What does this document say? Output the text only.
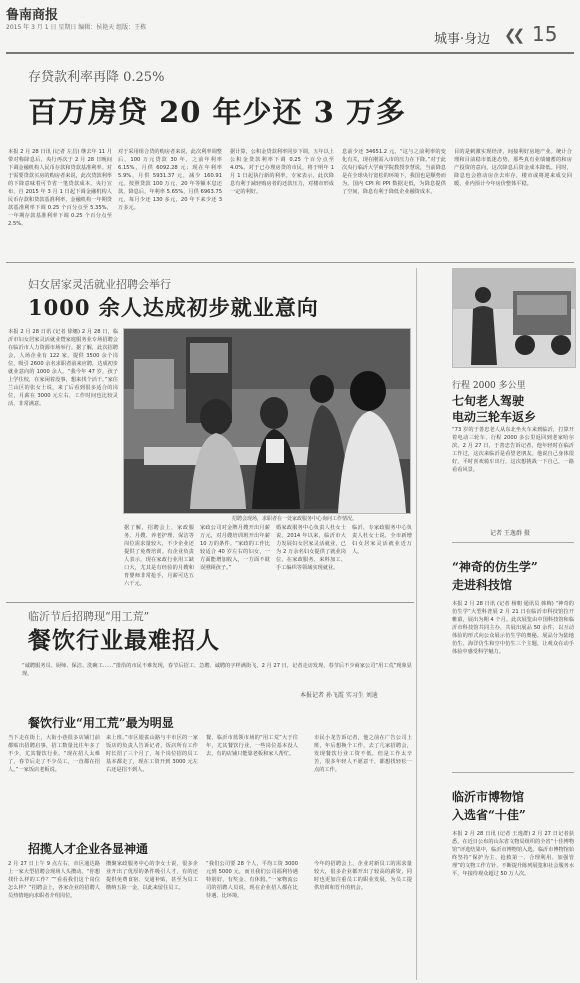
鲁南商报
2015 年 3 月 1 日 星期日 编辑：侯艳天 组版：王栋
城事·身边 ❮❮ 15
存贷款利率再降 0.25%
百万房贷 20 年少还 3 万多
本报 2 月 28 日讯 (记者 左昌) 继去年 11 月带对称降息后，央行再次于 2 月 28 日晚间下调金融机构人民币存款和贷款基准利率。对于需要贷款买房的购房者来说，此次贷款利率的下降意味着可节省一笔贷款成本。央行宣布，自 2015 年 3 月 1 日起下调金融机构人民币存款和贷款基准利率，金融机构一年期贷款基准利率下调 0.25 个百分点至 5.35%，一年期存款基准利率下调 0.25 个百分点至 2.5%。
对于采用组合贷的购房者来说，此次利率调整后，100 万元贷款 30 年，之前年利率 6.15%，月供 6092.28 元；现在年利率 5.9%，月供 5931.37 元，减少 160.91 元。按照贷款 100 万元、20 年等额本息还款，降息后，年利率 5.65%，月供 6963.75 元，每月少还 130 多元，20 年下来少还 3 万多元。
据计算，公积金贷款利率同步下调，五年以上公积金贷款利率下调 0.25 个百分点至 4.0%。对于已办理房贷的市民，将于明年 1 月 1 日起执行新的利率。专家表示，此次降息有利于减轻购房者的还款压力，对楼市形成一定的利好。
息前少还 34651.2 元。“这与之前利率的变化有关，现在刚需入市的压力在下降。”对于此次央行临沂大学商学院教授李慧说，当前降息是在全球央行宽松的环境下，我国也是顺势而为。国内 CPI 和 PPI 数据走低，为降息提供了空间，降息有利于降低企业融资成本。
目的是刺激实现经济，间接利好房地产业。统计合理和目前稳市低迷态势，那些真有业绩储蓄的和房产投资的意向，这次降息后资金成本降低。同时，降息也会推动房企去库存，楼市或将迎来成交回暖，业内预计今年房价整体平稳。
妇女居家灵活就业招聘会举行
1000 余人达成初步就业意向
本报 2 月 28 日讯 (记者 徐娜) 2 月 28 日，临沂市妇女居家灵活就业暨家庭服务业专场招聘会在临沂市人力资源市场举行。据了解，此次招聘会，人场企业有 122 家，提供 3500 余个岗位，吸引 2600 余名求职者前来应聘，达成初步就业意向的 1000 余人。“我今年 47 岁，孩子上学住校，在家闲着没事，想来找个活干。”家住兰山区的张女士说，来了后看到很多适合的岗位，月薪在 3000 元左右，工作时间也比较灵活，非常满意。
招聘会现场，求职者在一处家政服务中心询问工作情况。
据了解，招聘会上，家政服务、月嫂、养老护理、保洁等岗位需求量较大，不少企业还提供了免费培训。有企业负责人表示，现在家政行业用工缺口大，尤其是有经验的月嫂和育婴师非常抢手，月薪可达五六千元。
家政公司对金牌月嫂开出月薪万元，对月嫂培训班开出年薪 10 万的条件。“家政的工作比较适合 40 岁左右的妇女，一方面能增加收入，一方面不耽误照顾孩子。”
婚家政服务中心负责人杜女士说。2014 年以来，临沂市大力发展妇女居家灵活就业，已为 2 万余名妇女提供了就业岗位，在家政服务、来料加工、手工编织等领域实现就业。
临沂，专家政服务中心负责人杜女士说，全市新增妇女居家灵活就业近万人。
行程 2000 多公里
七旬老人驾驶
电动三轮车返乡
“73 岁的于善忠老人从东北坐火车来到临沂，打算开着电动三轮车、行程 2000 多公里返回到老家哈尔滨。2 月 27 日，于善忠告诉记者，他年轻时在临沂工作过，这次来临沂是看望老朋友。他说自己身体很好，平时喜欢骑车出行，这次想挑战一下自己，一路看看风景。
记者 王逸群 摄
“神奇的仿生学”
走进科技馆
本报 2 月 28 日讯 (记者 杨朝 通讯员 韩梅) “神奇的仿生学”大型科普展 2 月 21 日在临沂市科技馆拉开帷幕，展出为期 4 个月。此次展览由中国科技馆和临沂市科技馆共同主办，共展出展品 50 余件，以互动体验的形式向公众展示仿生学的奥秘。展品分为陆地仿生、海洋仿生和空中仿生三个主题，让观众在动手体验中感受科学魅力。
临沂市博物馆
入选省“十佳”
本报 2 月 28 日讯 (记者 王逸群) 2 月 27 日记者获悉，在近日公布的山东省文物局组织的全省“十佳博物馆”评选结果中，临沂市博物馆入选。临沂市博物馆始终坚持“保护为主、抢救第一、合理利用、加强管理”的文物工作方针，不断提升陈列展览和社会服务水平，年接待观众超过 50 万人次。
临沂节后招聘现“用工荒”
餐饮行业最难招人
“诚聘服务员、厨师、保洁、洗碗工……”排沿的市民不难发现，春节后招工、急聘、诚聘的字样满街飞，2 月 27 日，记者走访发现，春节后不少商家公司“用工荒”现象显现。
本报记者 孙飞霞 实习生 刘迪
餐饮行业“用工荒”最为明显
当下走在街上，大街小巷很多店铺门前都贴出招聘启事，招工数量比往年多了不少，尤其餐饮行业。“现在招人太难了，春节后走了不少员工，一直都在招人。”一家饭店老板说。
来上班。”市区银雀山路与丰市区的一家饭店的负责人告诉记者，饭店所有工作时长招了三个月了，每个岗位招的员工基本都走了，现在工资开到 3000 元左右还是招不到人。
餐，临沂市蓝领市场的“用工荒”大于往年，尤其餐饮行业，一些岗位基本没人去，有的店铺只能靠老板和家人帮忙。
市民小龙告诉记者，他之前在广告公司上班，年后想换个工作，去了几家招聘会，发现餐饮行业工资不低，但是工作太辛苦，很多年轻人不愿意干，都想找轻松一点的工作。
招揽人才企业各显神通
2 月 27 日上午 9 点左右，市区通达路上一家大型招聘会现场人头攒动。“你想找什么样的工作？”“看看我们这个岗位怎么样？”招聘会上，各家企业的招聘人员热情地向求职者介绍岗位。
攒聚家政服务中心的李女士说，很多企业开出了优厚的条件吸引人才，有的还提供免费食宿、交通补贴，甚至为员工缴纳五险一金，以此来留住员工。
“我们公司要 28 个人，平均工资 3000 元到 5000 元，而且我们公司福利待遇特别好，有奖金、有休假。”一家物流公司的招聘人员说，现在企业招人都在比待遇、比环境。
今年的招聘会上，企业对新员工的需求量较大，很多企业都开出了较高的薪资，同时也更加注重员工的职业发展，为员工提供培训和晋升的机会。
